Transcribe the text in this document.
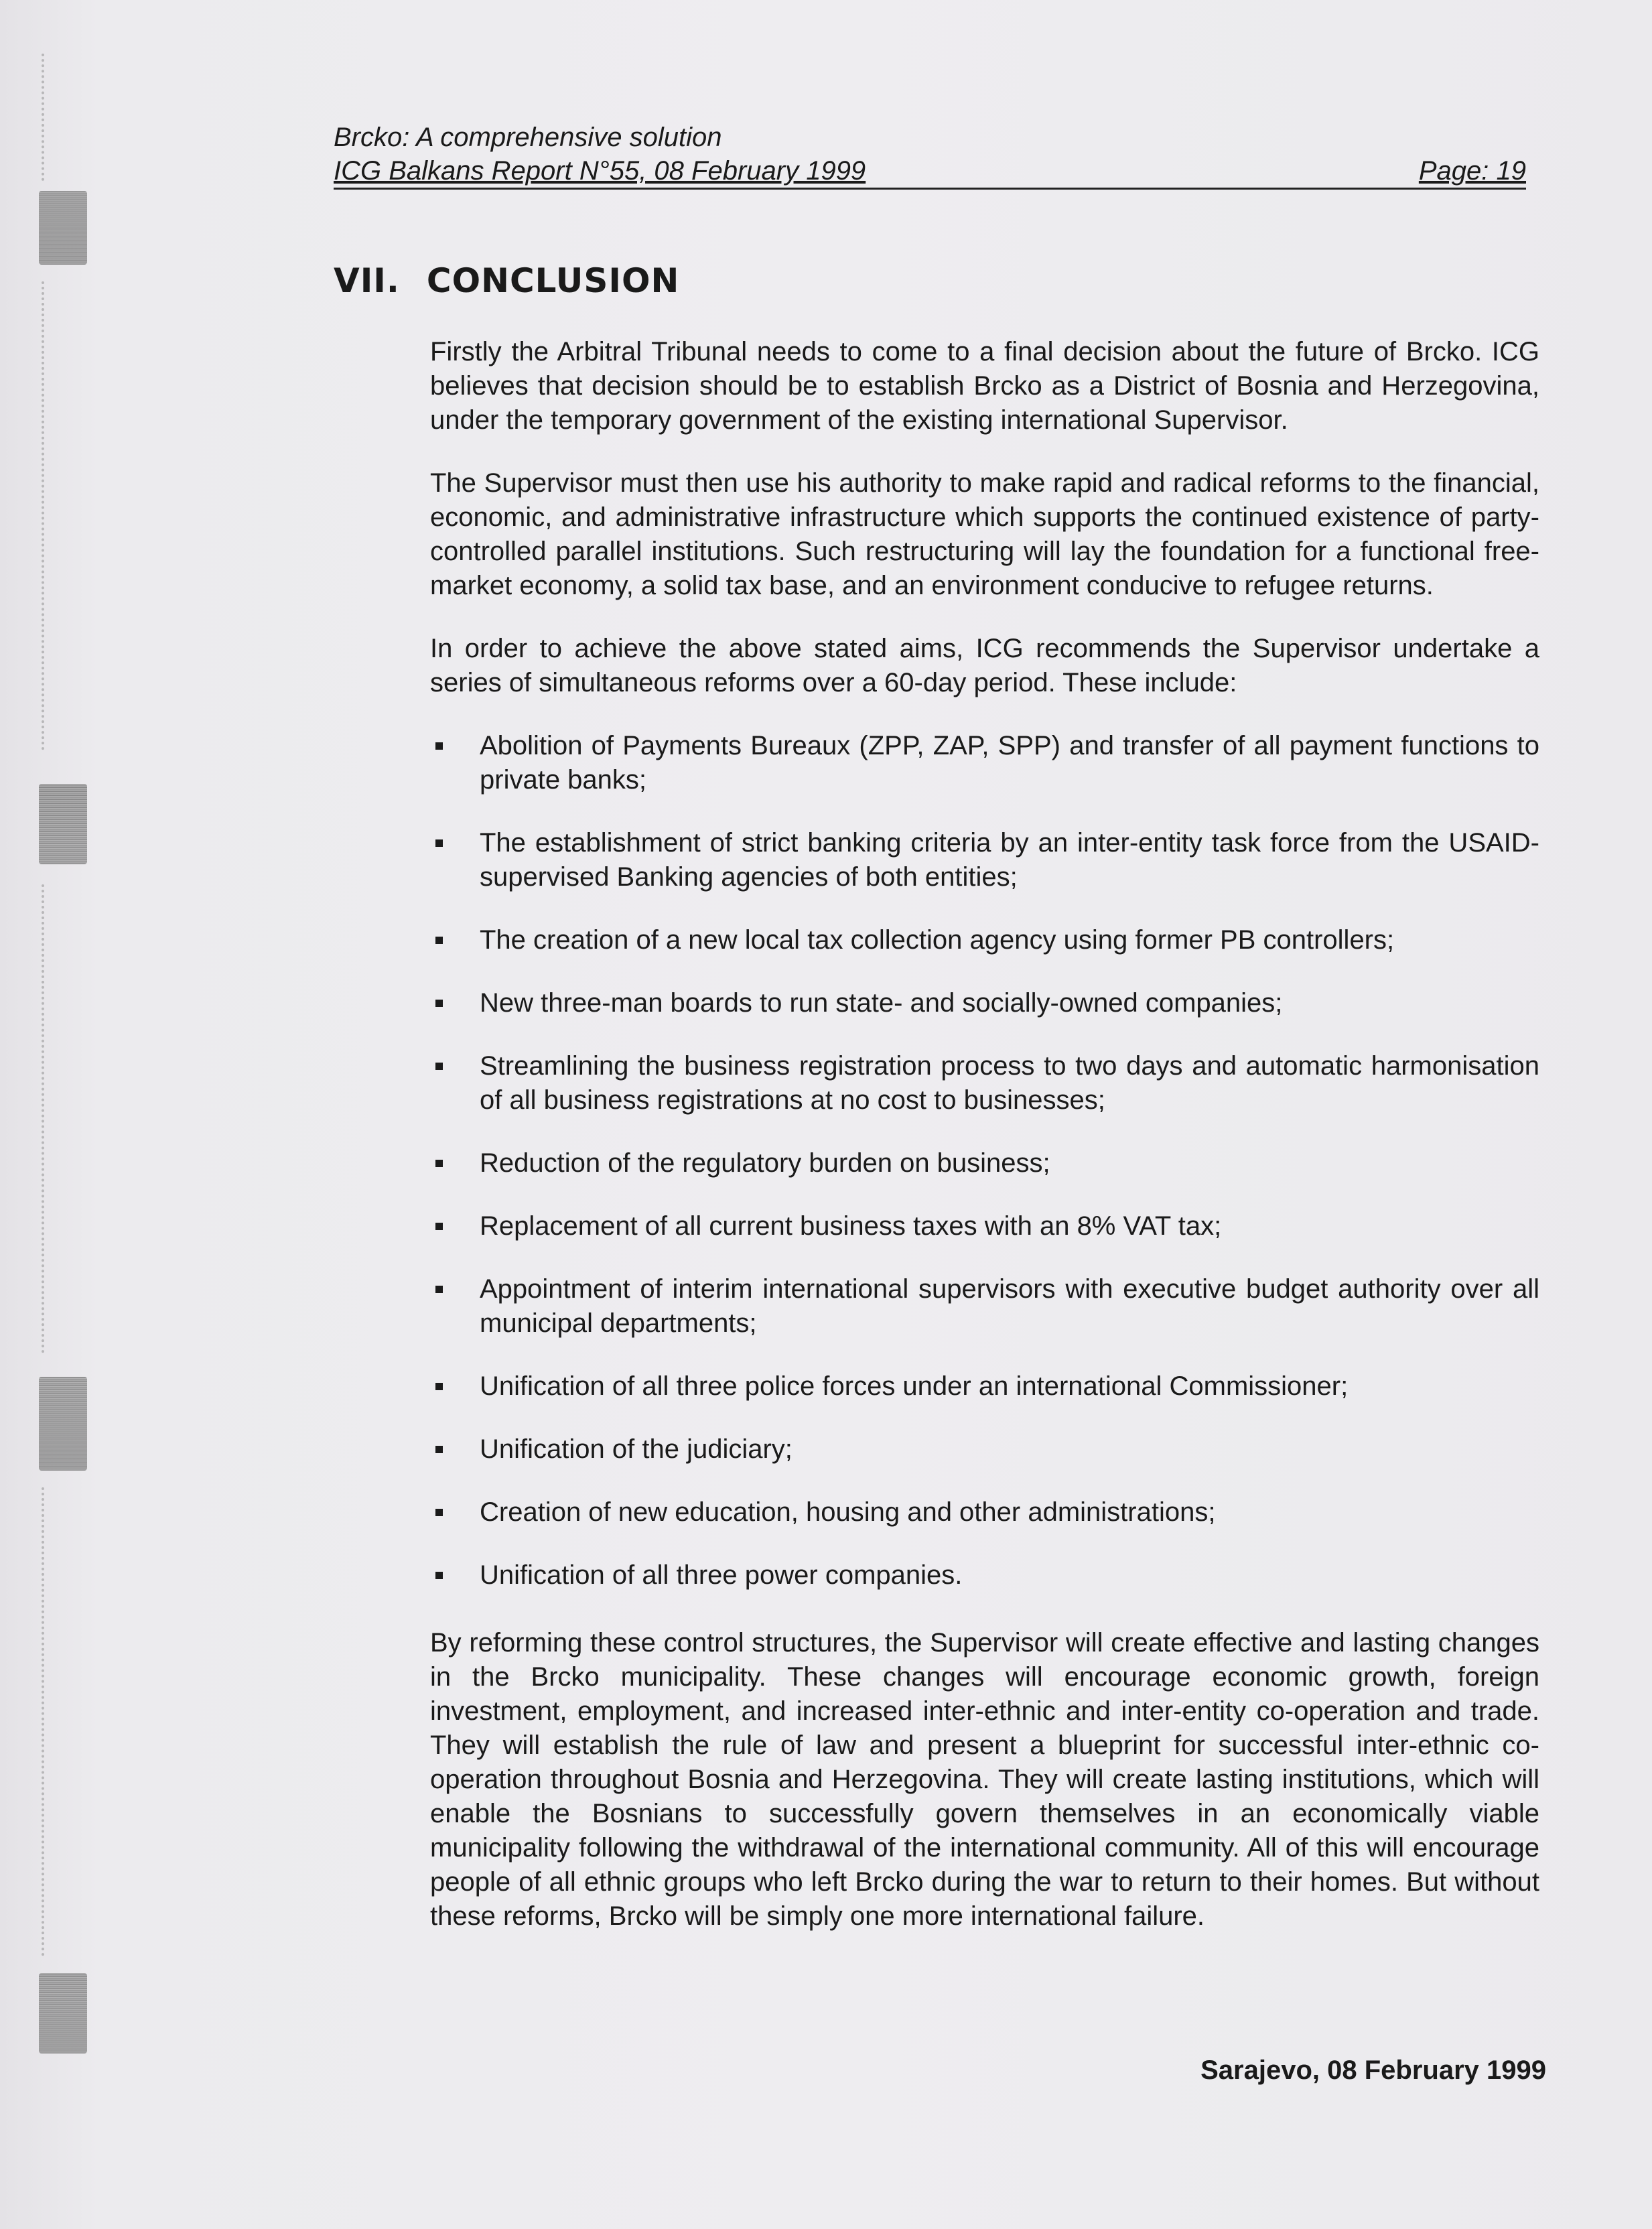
Brcko: A comprehensive solution
ICG Balkans Report N°55, 08 February 1999	Page: 19
VII. CONCLUSION

Firstly the Arbitral Tribunal needs to come to a final decision about the future of Brcko. ICG believes that decision should be to establish Brcko as a District of Bosnia and Herzegovina, under the temporary government of the existing international Supervisor.

The Supervisor must then use his authority to make rapid and radical reforms to the financial, economic, and administrative infrastructure which supports the continued existence of party-controlled parallel institutions. Such restructuring will lay the foundation for a functional free-market economy, a solid tax base, and an environment conducive to refugee returns.

In order to achieve the above stated aims, ICG recommends the Supervisor undertake a series of simultaneous reforms over a 60-day period. These include:

Abolition of Payments Bureaux (ZPP, ZAP, SPP) and transfer of all payment functions to private banks;
The establishment of strict banking criteria by an inter-entity task force from the USAID-supervised Banking agencies of both entities;
The creation of a new local tax collection agency using former PB controllers;
New three-man boards to run state- and socially-owned companies;
Streamlining the business registration process to two days and automatic harmonisation of all business registrations at no cost to businesses;
Reduction of the regulatory burden on business;
Replacement of all current business taxes with an 8% VAT tax;
Appointment of interim international supervisors with executive budget authority over all municipal departments;
Unification of all three police forces under an international Commissioner;
Unification of the judiciary;
Creation of new education, housing and other administrations;
Unification of all three power companies.

By reforming these control structures, the Supervisor will create effective and lasting changes in the Brcko municipality. These changes will encourage economic growth, foreign investment, employment, and increased inter-ethnic and inter-entity co-operation and trade. They will establish the rule of law and present a blueprint for successful inter-ethnic co-operation throughout Bosnia and Herzegovina. They will create lasting institutions, which will enable the Bosnians to successfully govern themselves in an economically viable municipality following the withdrawal of the international community. All of this will encourage people of all ethnic groups who left Brcko during the war to return to their homes. But without these reforms, Brcko will be simply one more international failure.

Sarajevo, 08 February 1999
